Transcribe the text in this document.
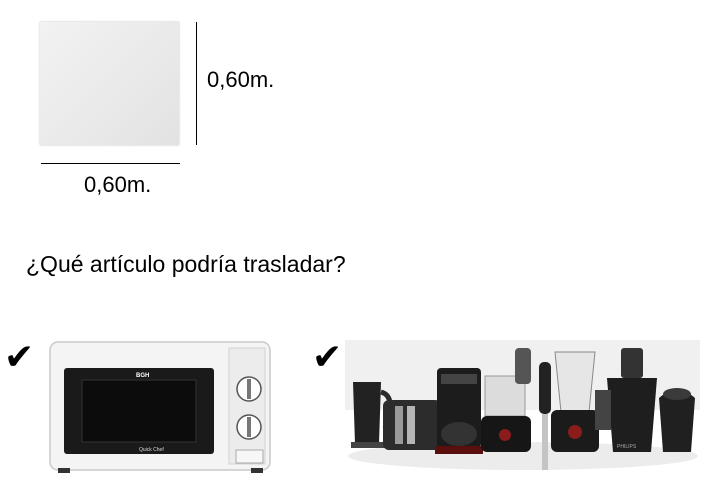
0,60m.
0,60m.
¿Qué artículo podría trasladar?
✔	✔
BGH
Quick Chef	PHILIPS
